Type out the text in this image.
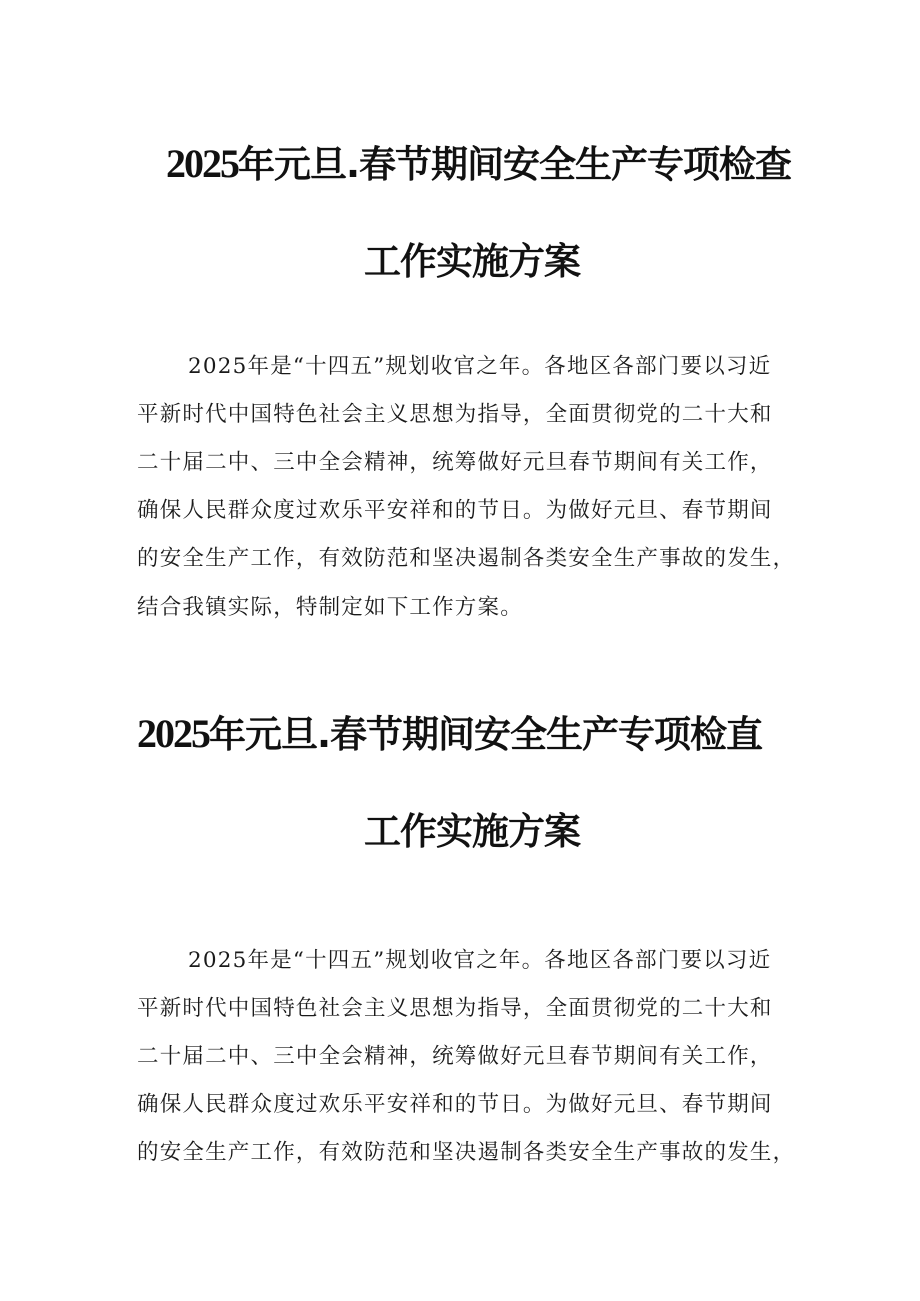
2025年元旦.春节期间安全生产专项检查
工作实施方案
2025年是“十四五”规划收官之年。各地区各部门要以习近
平新时代中国特色社会主义思想为指导，全面贯彻党的二十大和
二十届二中、三中全会精神，统筹做好元旦春节期间有关工作，
确保人民群众度过欢乐平安祥和的节日。为做好元旦、春节期间
的安全生产工作，有效防范和坚决遏制各类安全生产事故的发生，
结合我镇实际，特制定如下工作方案。
2025年元旦.春节期间安全生产专项检直
工作实施方案
2025年是“十四五”规划收官之年。各地区各部门要以习近
平新时代中国特色社会主义思想为指导，全面贯彻党的二十大和
二十届二中、三中全会精神，统筹做好元旦春节期间有关工作，
确保人民群众度过欢乐平安祥和的节日。为做好元旦、春节期间
的安全生产工作，有效防范和坚决遏制各类安全生产事故的发生，
